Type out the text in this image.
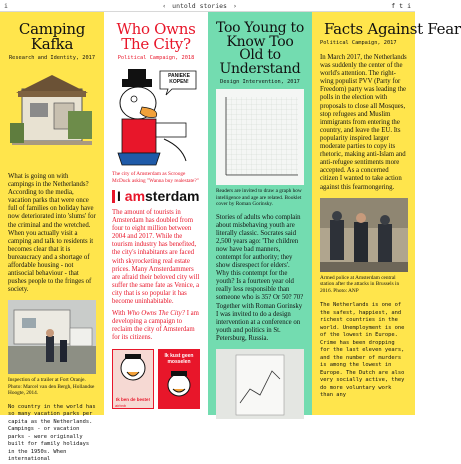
i	‹ untold stories ›	f t i
Camping Kafka
Research and Identity, 2017
What is going on with campings in the Netherlands? According to the media, vacation parks that were once full of families on holiday have now deteriorated into 'slums' for the criminal and the wretched. When you actually visit a camping and talk to residents it becomes clear that it is bureaucracy and a shortage of affordable housing - not antisocial behaviour - that pushes people to the fringes of society.
Inspection of a trailer at Fort Oranje. Photo: Marcel van den Bergh, Hollandse Hoogte, 2014.
No country in the world has so many vacation parks per capita as the Netherlands. Campings - or vacation parks - were originally built for family holidays in the 1950s. When international
Who Owns The City?
Political Campaign, 2018
PANIEKE KOPEN!
The city of Amsterdam as Scrooge McDuck asking "Wanna buy realestate?"
I amsterdam
The amount of tourists in Amsterdam has doubled from four to eight million between 2004 and 2017. While the tourism industry has benefited, the city's inhabitants are faced with skyrocketing real estate prices. Many Amsterdammers are afraid their beloved city will suffer the same fate as Venice, a city that is so popular it has become uninhabitable.
With Who Owns The City? I am developing a campaign to reclaim the city of Amsterdam for its citizens.
Ik ben de beste!
airbnb
Ik kust geen mosselen
Too Young to Know Too Old to Understand
Design Intervention, 2017
Readers are invited to draw a graph how intelligence and age are related. Booklet cover by Roman Gorinsky.
Stories of adults who complain about misbehaving youth are literally classic. Socrates said 2,500 years ago: 'The children now have bad manners, contempt for authority; they show disrespect for elders'. Why this contempt for the youth? Is a fourteen year old really less responsible than someone who is 35? Or 50? 70? Together with Roman Gorinsky I was invited to do a design intervention at a conference on youth and politics in St. Petersburg, Russia.
Facts Against Fear
Political Campaign, 2017
In March 2017, the Netherlands was suddenly the center of the world's attention. The right-wing populist PVV (Party for Freedom) party was leading the polls in the election with proposals to close all Mosques, stop refugees and Muslim immigrants from entering the country, and leave the EU. Its popularity inspired larger moderate parties to copy its rhetoric, making anti-Islam and anti-refugee sentiments more accepted. As a concerned citizen I wanted to take action against this fearmongering.
Armed police at Amsterdam central station after the attacks in Brussels in 2016. Photo: ANP
The Netherlands is one of the safest, happiest, and richest countries in the world. Unemployment is one of the lowest in Europe. Crime has been dropping for the last eleven years, and the number of murders is among the lowest in Europe. The Dutch are also very socially active, they do more voluntary work than any
